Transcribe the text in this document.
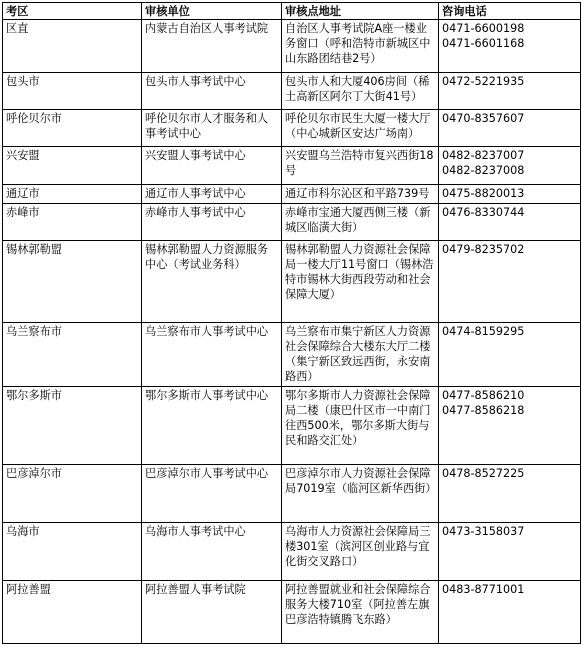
考区	审核单位	审核点地址	咨询电话
区直	内蒙古自治区人事考试院	自治区人事考试院A座一楼业务窗口（呼和浩特市新城区中山东路团结巷2号）	0471-6600198
0471-6601168

包头市	包头市人事考试中心	包头市人和大厦406房间（稀土高新区阿尔丁大街41号）	0472-5221935

呼伦贝尔市	呼伦贝尔市人才服务和人事考试中心	呼伦贝尔市民生大厦一楼大厅（中心城新区安达广场南）	0470-8357607

兴安盟	兴安盟人事考试中心	兴安盟乌兰浩特市复兴西街18号	0482-8237007
0482-8237008

通辽市	通辽市人事考试中心	通辽市科尔沁区和平路739号	0475-8820013

赤峰市	赤峰市人事考试中心	赤峰市宝通大厦西侧三楼（新城区临潢大街）	0476-8330744

锡林郭勒盟	锡林郭勒盟人力资源服务中心（考试业务科）	锡林郭勒盟人力资源社会保障局一楼大厅11号窗口（锡林浩特市锡林大街西段劳动和社会保障大厦）	0479-8235702

乌兰察布市	乌兰察布市人事考试中心	乌兰察布市集宁新区人力资源社会保障综合大楼东大厅二楼（集宁新区致远西街，永安南路西）	0474-8159295

鄂尔多斯市	鄂尔多斯市人事考试中心	鄂尔多斯市人力资源社会保障局二楼（康巴什区市一中南门往西500米，鄂尔多斯大街与民和路交汇处）	0477-8586210
0477-8586218

巴彦淖尔市	巴彦淖尔市人事考试中心	巴彦淖尔市人力资源社会保障局7019室（临河区新华西街）	0478-8527225

乌海市	乌海市人事考试中心	乌海市人力资源社会保障局三楼301室（滨河区创业路与宜化街交叉路口）	0473-3158037

阿拉善盟	阿拉善盟人事考试院	阿拉善盟就业和社会保障综合服务大楼710室（阿拉善左旗巴彦浩特镇腾飞东路）	0483-8771001
